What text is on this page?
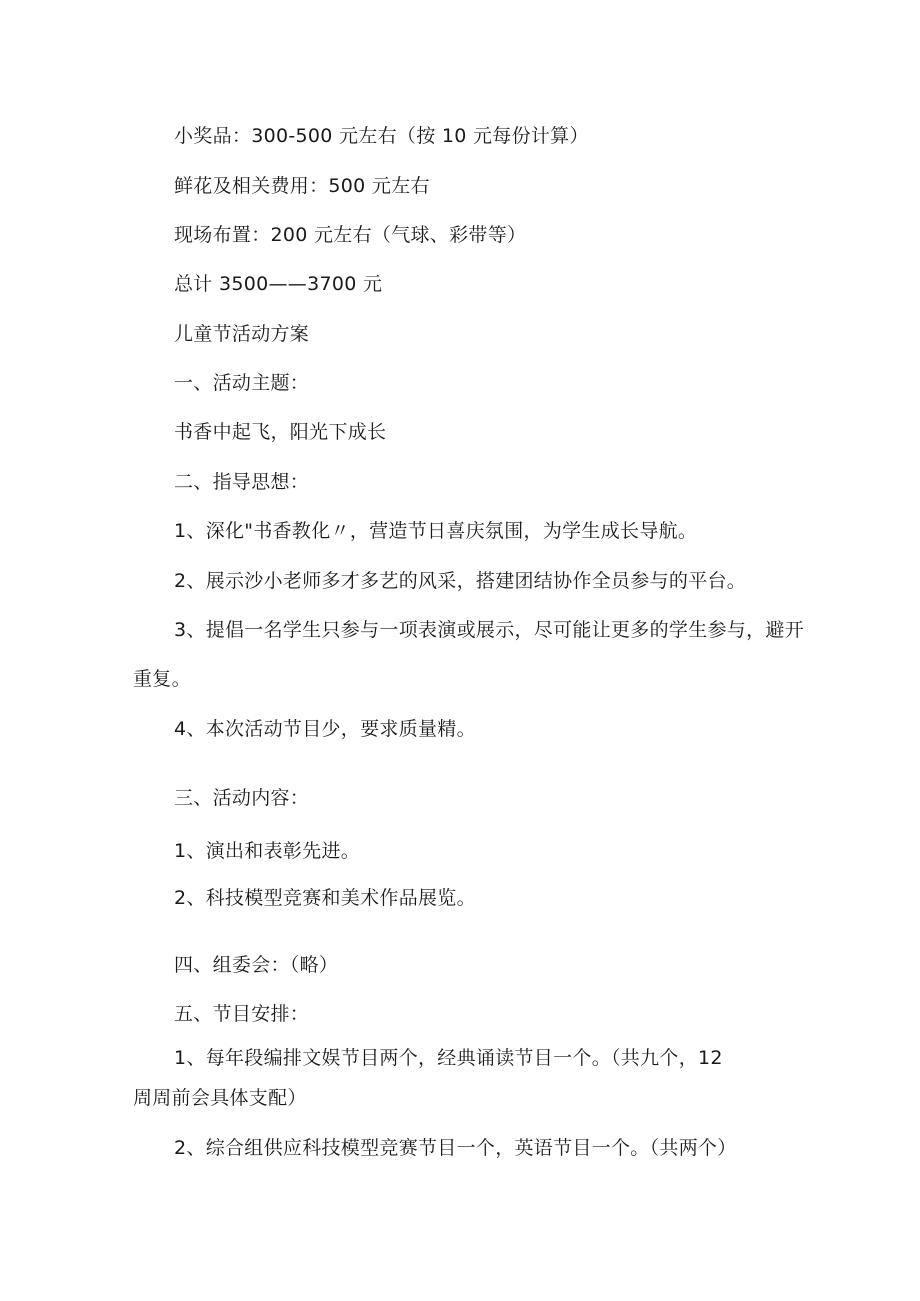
小奖品：300-500 元左右（按 10 元每份计算）
鲜花及相关费用：500 元左右
现场布置：200 元左右（气球、彩带等）
总计 3500——3700 元
儿童节活动方案
一、活动主题：
书香中起飞，阳光下成长
二、指导思想：
1、深化"书香教化〃，营造节日喜庆氛围，为学生成长导航。
2、展示沙小老师多才多艺的风采，搭建团结协作全员参与的平台。
3、提倡一名学生只参与一项表演或展示，尽可能让更多的学生参与，避开
重复。
4、本次活动节目少，要求质量精。
三、活动内容：
1、演出和表彰先进。
2、科技模型竞赛和美术作品展览。
四、组委会：（略）
五、节目安排：
1、每年段编排文娱节目两个，经典诵读节目一个。（共九个，12
周周前会具体支配）
2、综合组供应科技模型竞赛节目一个，英语节目一个。（共两个）
